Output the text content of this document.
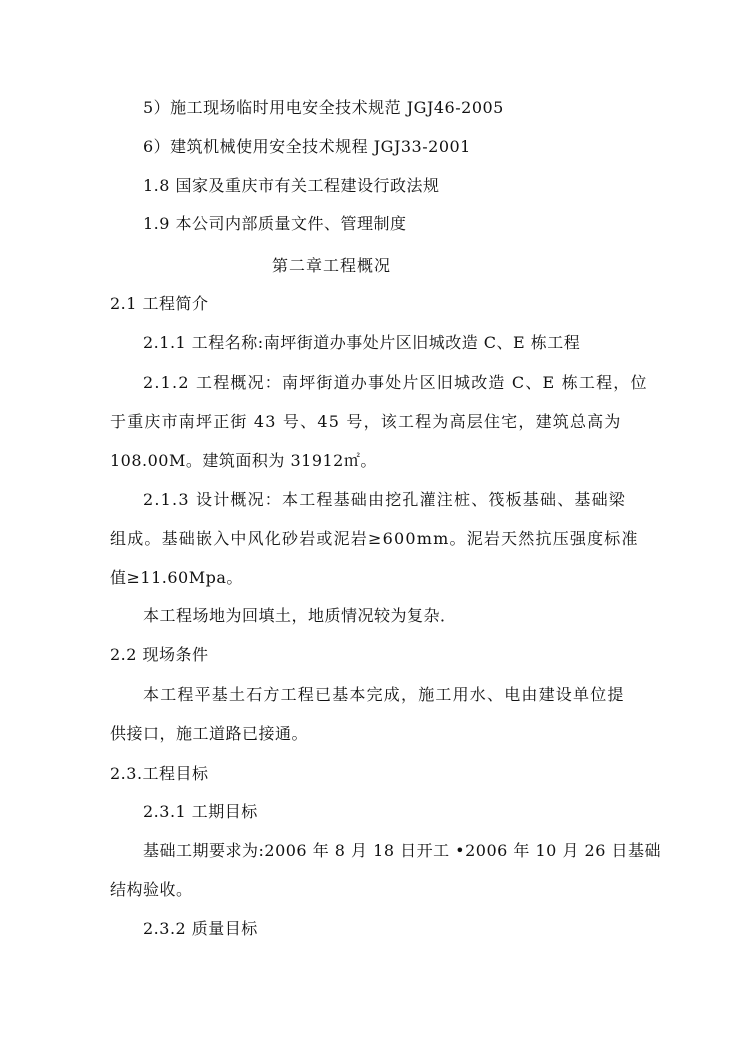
5）施工现场临时用电安全技术规范 JGJ46-2005
6）建筑机械使用安全技术规程 JGJ33-2001
1.8 国家及重庆市有关工程建设行政法规
1.9 本公司内部质量文件、管理制度
第二章工程概况
2.1 工程简介
2.1.1 工程名称:南坪街道办事处片区旧城改造 C、E 栋工程
2.1.2 工程概况：南坪街道办事处片区旧城改造 C、E 栋工程，位
于重庆市南坪正街 43 号、45 号，该工程为高层住宅，建筑总高为
108.00M。建筑面积为 31912㎡。
2.1.3 设计概况：本工程基础由挖孔灌注桩、筏板基础、基础梁
组成。基础嵌入中风化砂岩或泥岩≥600mm。泥岩天然抗压强度标准
值≥11.60Mpa。
本工程场地为回填土，地质情况较为复杂．
2.2 现场条件
本工程平基土石方工程已基本完成，施工用水、电由建设单位提
供接口，施工道路已接通。
2.3.工程目标
2.3.1 工期目标
基础工期要求为:2006 年 8 月 18 日开工 •2006 年 10 月 26 日基础
结构验收。
2.3.2 质量目标
